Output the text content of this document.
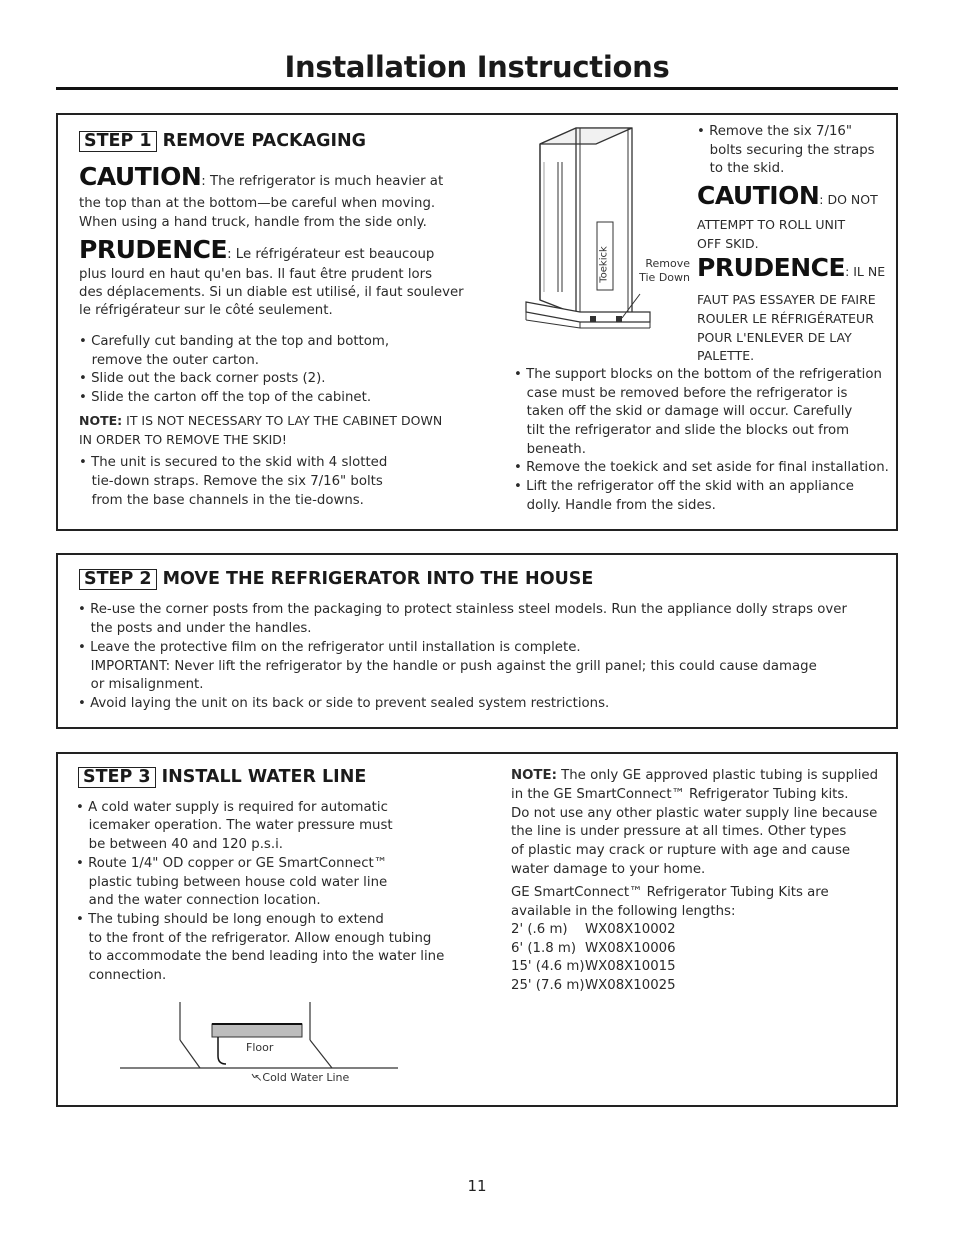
Installation Instructions
STEP 1 REMOVE PACKAGING
CAUTION: The refrigerator is much heavier at
the top than at the bottom—be careful when moving.
When using a hand truck, handle from the side only.
PRUDENCE: Le réfrigérateur est beaucoup
plus lourd en haut qu'en bas. Il faut être prudent lors
des déplacements. Si un diable est utilisé, il faut soulever
le réfrigérateur sur le côté seulement.
• Carefully cut banding at the top and bottom,
remove the outer carton.
• Slide out the back corner posts (2).
• Slide the carton off the top of the cabinet.
NOTE: IT IS NOT NECESSARY TO LAY THE CABINET DOWN
IN ORDER TO REMOVE THE SKID!
• The unit is secured to the skid with 4 slotted
tie-down straps. Remove the six 7/16" bolts
from the base channels in the tie-downs.
Toekick	Remove
Tie Down
• Remove the six 7/16"
bolts securing the straps
to the skid.
CAUTION: DO NOT
ATTEMPT TO ROLL UNIT
OFF SKID.
PRUDENCE: IL NE
FAUT PAS ESSAYER DE FAIRE
ROULER LE RÉFRIGÉRATEUR
POUR L'ENLEVER DE LAY
PALETTE.
• The support blocks on the bottom of the refrigeration
case must be removed before the refrigerator is
taken off the skid or damage will occur. Carefully
tilt the refrigerator and slide the blocks out from
beneath.
• Remove the toekick and set aside for final installation.
• Lift the refrigerator off the skid with an appliance
dolly. Handle from the sides.
STEP 2 MOVE THE REFRIGERATOR INTO THE HOUSE
• Re-use the corner posts from the packaging to protect stainless steel models. Run the appliance dolly straps over
the posts and under the handles.
• Leave the protective film on the refrigerator until installation is complete.
IMPORTANT: Never lift the refrigerator by the handle or push against the grill panel; this could cause damage
or misalignment.
• Avoid laying the unit on its back or side to prevent sealed system restrictions.
STEP 3 INSTALL WATER LINE
• A cold water supply is required for automatic
icemaker operation. The water pressure must
be between 40 and 120 p.s.i.
• Route 1/4" OD copper or GE SmartConnect™
plastic tubing between house cold water line
and the water connection location.
• The tubing should be long enough to extend
to the front of the refrigerator. Allow enough tubing
to accommodate the bend leading into the water line
connection.
NOTE: The only GE approved plastic tubing is supplied
in the GE SmartConnect™ Refrigerator Tubing kits.
Do not use any other plastic water supply line because
the line is under pressure at all times. Other types
of plastic may crack or rupture with age and cause
water damage to your home.
GE SmartConnect™ Refrigerator Tubing Kits are
available in the following lengths:
2' (.6 m) WX08X10002
6' (1.8 m) WX08X10006
15' (4.6 m)WX08X10015
25' (7.6 m)WX08X10025
Floor
↖Cold Water Line
11
